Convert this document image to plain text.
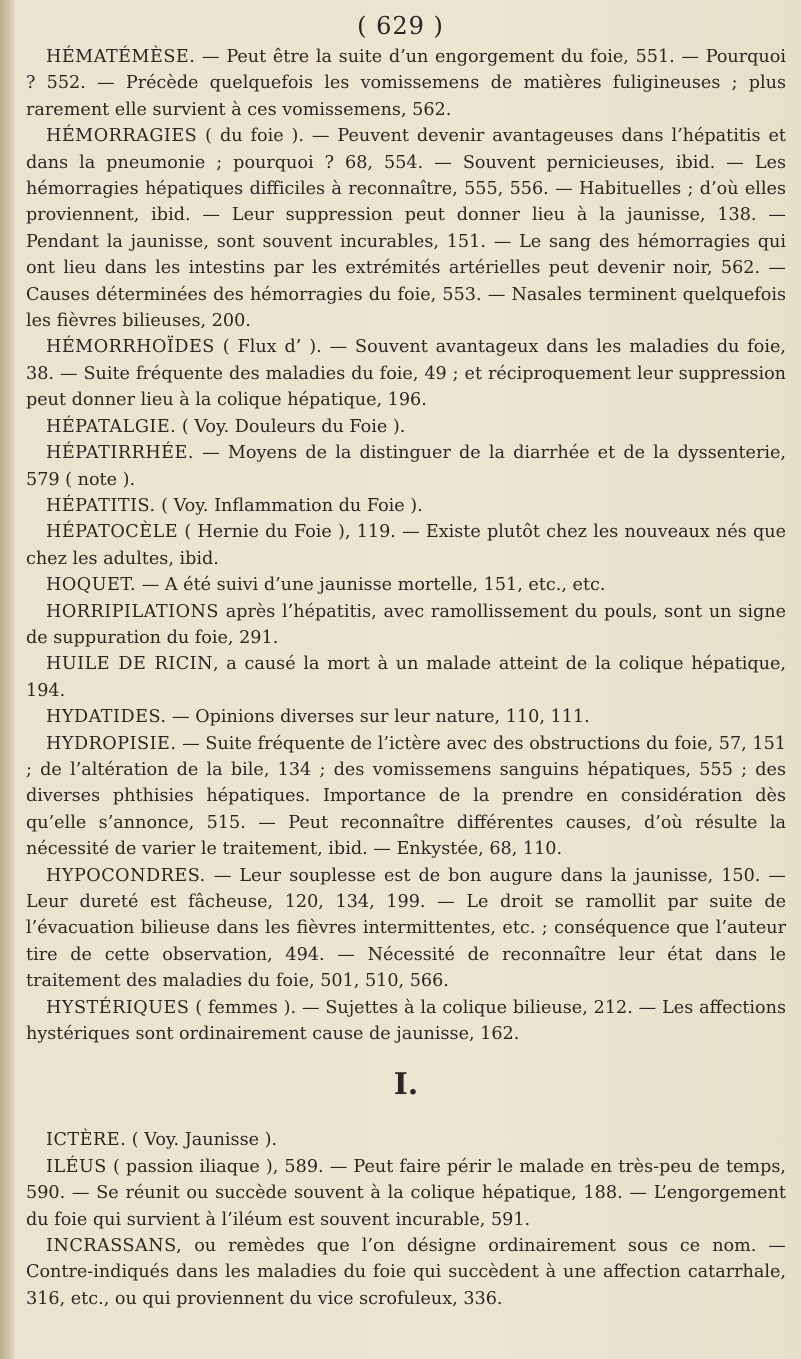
( 629 )

HÉMATÉMÈSE. — Peut être la suite d’un engorgement du foie, 551. — Pourquoi ? 552. — Précède quelquefois les vomissemens de matières fuligineuses ; plus rarement elle survient à ces vomissemens, 562.

HÉMORRAGIES ( du foie ). — Peuvent devenir avantageuses dans l’hépatitis et dans la pneumonie ; pourquoi ? 68, 554. — Souvent pernicieuses, ibid. — Les hémorragies hépatiques difficiles à reconnaître, 555, 556. — Habituelles ; d’où elles proviennent, ibid. — Leur suppression peut donner lieu à la jaunisse, 138. — Pendant la jaunisse, sont souvent incurables, 151. — Le sang des hémorragies qui ont lieu dans les intestins par les extrémités artérielles peut devenir noir, 562. — Causes déterminées des hémorragies du foie, 553. — Nasales terminent quelquefois les fièvres bilieuses, 200.

HÉMORRHOÏDES ( Flux d’ ). — Souvent avantageux dans les maladies du foie, 38. — Suite fréquente des maladies du foie, 49 ; et réciproquement leur suppression peut donner lieu à la colique hépatique, 196.

HÉPATALGIE. ( Voy. Douleurs du Foie ).

HÉPATIRRHÉE. — Moyens de la distinguer de la diarrhée et de la dyssenterie, 579 ( note ).

HÉPATITIS. ( Voy. Inflammation du Foie ).

HÉPATOCÈLE ( Hernie du Foie ), 119. — Existe plutôt chez les nouveaux nés que chez les adultes, ibid.

HOQUET. — A été suivi d’une jaunisse mortelle, 151, etc., etc.

HORRIPILATIONS après l’hépatitis, avec ramollissement du pouls, sont un signe de suppuration du foie, 291.

HUILE DE RICIN, a causé la mort à un malade atteint de la colique hépatique, 194.

HYDATIDES. — Opinions diverses sur leur nature, 110, 111.

HYDROPISIE. — Suite fréquente de l’ictère avec des obstructions du foie, 57, 151 ; de l’altération de la bile, 134 ; des vomissemens sanguins hépatiques, 555 ; des diverses phthisies hépatiques. Importance de la prendre en considération dès qu’elle s’annonce, 515. — Peut reconnaître différentes causes, d’où résulte la nécessité de varier le traitement, ibid. — Enkystée, 68, 110.

HYPOCONDRES. — Leur souplesse est de bon augure dans la jaunisse, 150. — Leur dureté est fâcheuse, 120, 134, 199. — Le droit se ramollit par suite de l’évacuation bilieuse dans les fièvres intermittentes, etc. ; conséquence que l’auteur tire de cette observation, 494. — Nécessité de reconnaître leur état dans le traitement des maladies du foie, 501, 510, 566.

HYSTÉRIQUES ( femmes ). — Sujettes à la colique bilieuse, 212. — Les affections hystériques sont ordinairement cause de jaunisse, 162.

I.

ICTÈRE. ( Voy. Jaunisse ).

ILÉUS ( passion iliaque ), 589. — Peut faire périr le malade en très-peu de temps, 590. — Se réunit ou succède souvent à la colique hépatique, 188. — L’engorgement du foie qui survient à l’iléum est souvent incurable, 591.

INCRASSANS, ou remèdes que l’on désigne ordinairement sous ce nom. — Contre-indiqués dans les maladies du foie qui succèdent à une affection catarrhale, 316, etc., ou qui proviennent du vice scrofuleux, 336.
